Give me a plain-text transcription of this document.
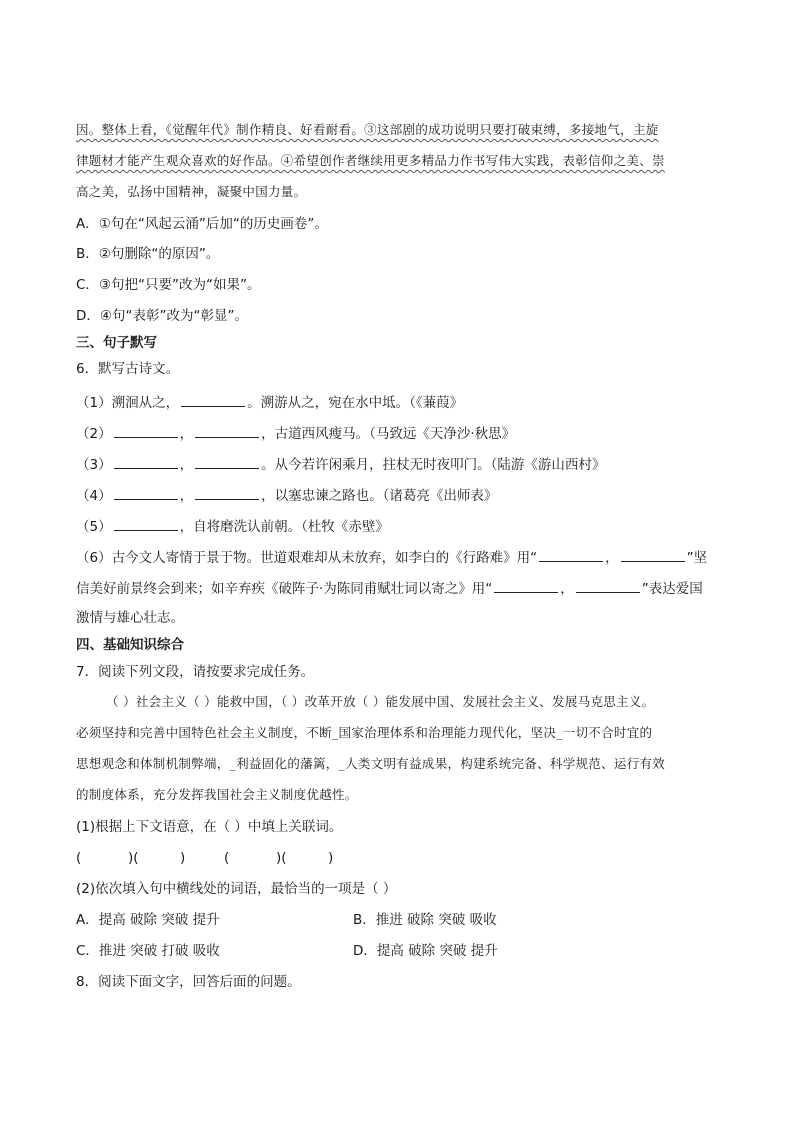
因。整体上看，《觉醒年代》制作精良、好看耐看。③这部剧的成功说明只要打破束缚，多接地气，主旋
律题材才能产生观众喜欢的好作品。④希望创作者继续用更多精品力作书写伟大实践，表彰信仰之美、崇
高之美，弘扬中国精神，凝聚中国力量。
A．①句在“风起云涌”后加“的历史画卷”。
B．②句删除“的原因”。
C．③句把“只要”改为“如果”。
D．④句“表彰”改为“彰显”。
三、句子默写
6．默写古诗文。
（1）溯洄从之，	。溯游从之，宛在水中坻。（《蒹葭》
（2）	，	，古道西风瘦马。（马致远《天净沙·秋思》
（3）	，	。从今若许闲乘月，拄杖无时夜叩门。（陆游《游山西村》
（4）	，	，以塞忠谏之路也。（诸葛亮《出师表》
（5）	，自将磨洗认前朝。（杜牧《赤壁》
（6）古今文人寄情于景于物。世道艰难却从未放弃，如李白的《行路难》用“	，	”坚
信美好前景终会到来；如辛弃疾《破阵子·为陈同甫赋壮词以寄之》用“	，	”表达爱国
激情与雄心壮志。
四、基础知识综合
7．阅读下列文段，请按要求完成任务。
（ ）社会主义（ ）能救中国，（ ）改革开放（ ）能发展中国、发展社会主义、发展马克思主义。
必须坚持和完善中国特色社会主义制度，不断_国家治理体系和治理能力现代化，坚决_一切不合时宜的
思想观念和体制机制弊端，_利益固化的藩篱，_人类文明有益成果，构建系统完备、科学规范、运行有效
的制度体系，充分发挥我国社会主义制度优越性。
(1)根据上下文语意，在（ ）中填上关联词。
(	)(	)	(	)(	)
(2)依次填入句中横线处的词语，最恰当的一项是（ ）
A．提高 破除 突破 提升	B．推进 破除 突破 吸收
C．推进 突破 打破 吸收	D．提高 破除 突破 提升
8．阅读下面文字，回答后面的问题。
